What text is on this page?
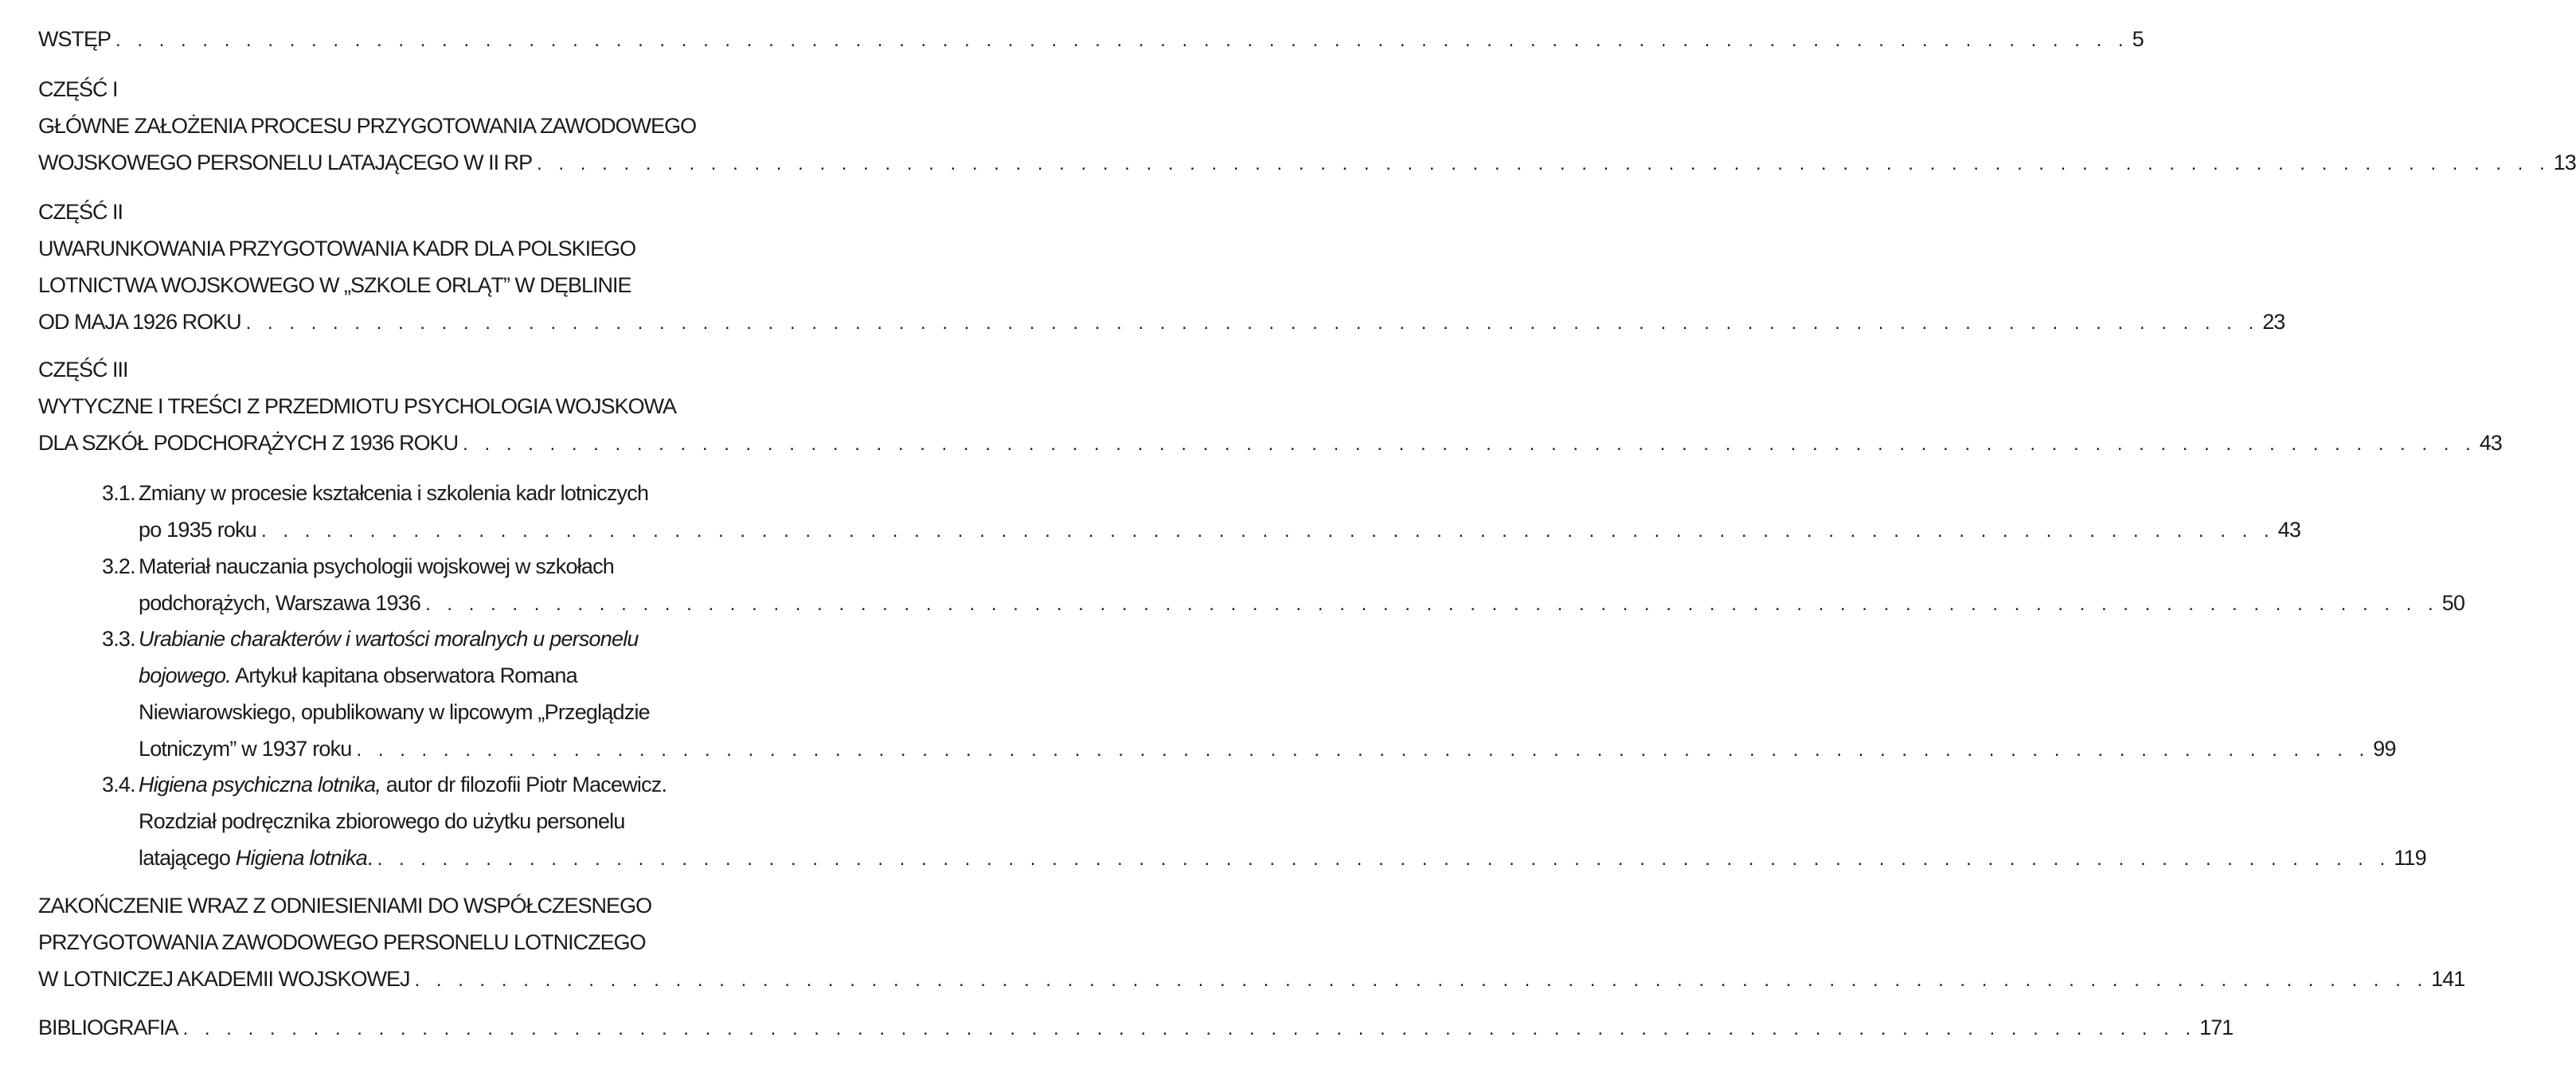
WSTĘP . . . . . . . . . . . . . . . . . . . . . . . . . . . . . . . . . . . . . . . . . . . . . . . . . . . . . . . . . . . . . . . . . . . . . . . . . . . . . . . . . . . . . . . . . . . . . 5
CZĘŚĆ I
GŁÓWNE ZAŁOŻENIA PROCESU PRZYGOTOWANIA ZAWODOWEGO
WOJSKOWEGO PERSONELU LATAJĄCEGO W II RP . . . . . . . . . . . . . . . . . . . . . . . . . . . . . . . . . . . . . . . . . . . . . . . . . . . . . . . . . . . . . . . . . . . . . . . . . . . . . . . . . . . . . . . . . . . . . 13
CZĘŚĆ II
UWARUNKOWANIA PRZYGOTOWANIA KADR DLA POLSKIEGO
LOTNICTWA WOJSKOWEGO W „SZKOLE ORLĄT” W DĘBLINIE
OD MAJA 1926 ROKU . . . . . . . . . . . . . . . . . . . . . . . . . . . . . . . . . . . . . . . . . . . . . . . . . . . . . . . . . . . . . . . . . . . . . . . . . . . . . . . . . . . . . . . . . . . . . 23
CZĘŚĆ III
WYTYCZNE I TREŚCI Z PRZEDMIOTU PSYCHOLOGIA WOJSKOWA
DLA SZKÓŁ PODCHORĄŻYCH Z 1936 ROKU . . . . . . . . . . . . . . . . . . . . . . . . . . . . . . . . . . . . . . . . . . . . . . . . . . . . . . . . . . . . . . . . . . . . . . . . . . . . . . . . . . . . . . . . . . . . . 43
3.1. Zmiany w procesie kształcenia i szkolenia kadr lotniczych
po 1935 roku . . . . . . . . . . . . . . . . . . . . . . . . . . . . . . . . . . . . . . . . . . . . . . . . . . . . . . . . . . . . . . . . . . . . . . . . . . . . . . . . . . . . . . . . . . . . . 43
3.2. Materiał nauczania psychologii wojskowej w szkołach
podchorążych, Warszawa 1936 . . . . . . . . . . . . . . . . . . . . . . . . . . . . . . . . . . . . . . . . . . . . . . . . . . . . . . . . . . . . . . . . . . . . . . . . . . . . . . . . . . . . . . . . . . . . . 50
3.3. Urabianie charakterów i wartości moralnych u personelu
bojowego. Artykuł kapitana obserwatora Romana
Niewiarowskiego, opublikowany w lipcowym „Przeglądzie
Lotniczym” w 1937 roku . . . . . . . . . . . . . . . . . . . . . . . . . . . . . . . . . . . . . . . . . . . . . . . . . . . . . . . . . . . . . . . . . . . . . . . . . . . . . . . . . . . . . . . . . . . . . 99
3.4. Higiena psychiczna lotnika, autor dr filozofii Piotr Macewicz.
Rozdział podręcznika zbiorowego do użytku personelu
latającego Higiena lotnika. . . . . . . . . . . . . . . . . . . . . . . . . . . . . . . . . . . . . . . . . . . . . . . . . . . . . . . . . . . . . . . . . . . . . . . . . . . . . . . . . . . . . . . . . . . . . . 119
ZAKOŃCZENIE WRAZ Z ODNIESIENIAMI DO WSPÓŁCZESNEGO
PRZYGOTOWANIA ZAWODOWEGO PERSONELU LOTNICZEGO
W LOTNICZEJ AKADEMII WOJSKOWEJ . . . . . . . . . . . . . . . . . . . . . . . . . . . . . . . . . . . . . . . . . . . . . . . . . . . . . . . . . . . . . . . . . . . . . . . . . . . . . . . . . . . . . . . . . . . . . 141
BIBLIOGRAFIA . . . . . . . . . . . . . . . . . . . . . . . . . . . . . . . . . . . . . . . . . . . . . . . . . . . . . . . . . . . . . . . . . . . . . . . . . . . . . . . . . . . . . . . . . . . . . 171
